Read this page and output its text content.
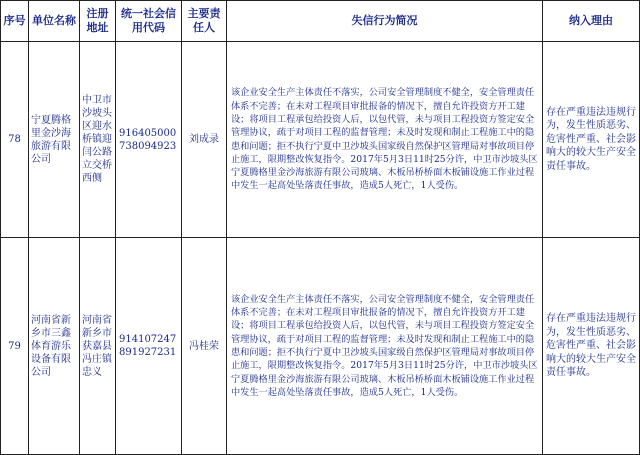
序号	单位名称	注册地址	统一社会信用代码	主要责任人	失信行为简况	纳入理由
78	宁夏腾格里金沙海旅游有限公司	中卫市沙坡头区迎水桥镇迎闫公路立交桥西侧	916405000738094923	刘成录	该企业安全生产主体责任不落实，公司安全管理制度不健全，安全管理责任体系不完善；在未对工程项目审批报备的情况下，擅自允许投资方开工建设；将项目工程承包给投资人后，以包代管，未与项目工程投资方签定安全管理协议，疏于对项目工程的监督管理；未及时发现和制止工程施工中的隐患和问题；拒不执行宁夏中卫沙坡头国家级自然保护区管理局对事故项目停止施工，限期整改恢复指令。2017年5月3日11时25分许，中卫市沙坡头区宁夏腾格里金沙海旅游有限公司玻璃、木板吊桥桥面木板铺设施工作业过程中发生一起高处坠落责任事故，造成5人死亡，1人受伤。	存在严重违法违规行为，发生性质恶劣、危害性严重、社会影响大的较大生产安全责任事故。
79	河南省新乡市三鑫体育游乐设备有限公司	河南省新乡市获嘉县冯庄镇忠义	914107247891927231	冯桂荣	该企业安全生产主体责任不落实，公司安全管理制度不健全，安全管理责任体系不完善；在未对工程项目审批报备的情况下，擅自允许投资方开工建设；将项目工程承包给投资人后，以包代管，未与项目工程投资方签定安全管理协议，疏于对项目工程的监督管理；未及时发现和制止工程施工中的隐患和问题；拒不执行宁夏中卫沙坡头国家级自然保护区管理局对事故项目停止施工，限期整改恢复指令。2017年5月3日11时25分许，中卫市沙坡头区宁夏腾格里金沙海旅游有限公司玻璃、木板吊桥桥面木板铺设施工作业过程中发生一起高处坠落责任事故，造成5人死亡，1人受伤。	存在严重违法违规行为，发生性质恶劣、危害性严重、社会影响大的较大生产安全责任事故。
